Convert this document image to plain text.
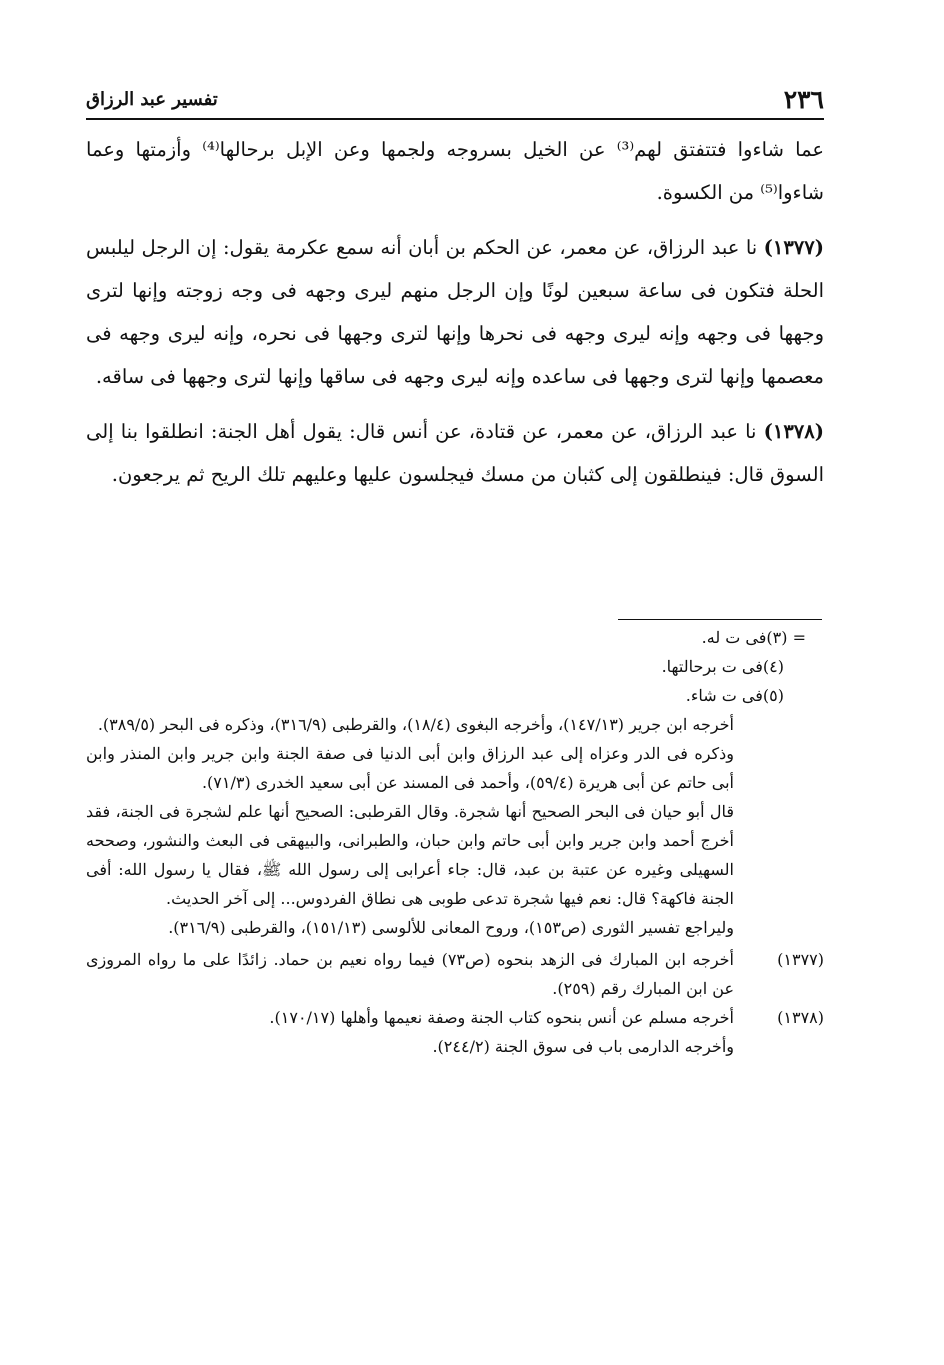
٢٣٦
تفسير عبد الرزاق

عما شاءوا فتتفتق لهم⁽³⁾ عن الخيل بسروجه ولجمها وعن الإبل برحالها⁽⁴⁾ وأزمتها وعما شاءوا⁽⁵⁾ من الكسوة.

(١٣٧٧) نا عبد الرزاق، عن معمر، عن الحكم بن أبان أنه سمع عكرمة يقول: إن الرجل ليلبس الحلة فتكون فى ساعة سبعين لونًا وإن الرجل منهم ليرى وجهه فى وجه زوجته وإنها لترى وجهها فى وجهه وإنه ليرى وجهه فى نحرها وإنها لترى وجهها فى نحره، وإنه ليرى وجهه فى معصمها وإنها لترى وجهها فى ساعده وإنه ليرى وجهه فى ساقها وإنها لترى وجهها فى ساقه.

(١٣٧٨) نا عبد الرزاق، عن معمر، عن قتادة، عن أنس قال: يقول أهل الجنة: انطلقوا بنا إلى السوق قال: فينطلقون إلى كثبان من مسك فيجلسون عليها وعليهم تلك الريح ثم يرجعون.

= (٣)
فى ت له.
(٤)
فى ت برحالتها.
(٥)
فى ت شاء.
أخرجه ابن جرير (١٤٧/١٣)، وأخرجه البغوى (١٨/٤)، والقرطبى (٣١٦/٩)، وذكره فى البحر (٣٨٩/٥).
وذكره فى الدر وعزاه إلى عبد الرزاق وابن أبى الدنيا فى صفة الجنة وابن جرير وابن المنذر وابن أبى حاتم عن أبى هريرة (٥٩/٤)، وأحمد فى المسند عن أبى سعيد الخدرى (٧١/٣).
قال أبو حيان فى البحر الصحيح أنها شجرة. وقال القرطبى: الصحيح أنها علم لشجرة فى الجنة، فقد أخرج أحمد وابن جرير وابن أبى حاتم وابن حبان، والطبرانى، والبيهقى فى البعث والنشور، وصححه السهيلى وغيره عن عتبة بن عبد، قال: جاء أعرابى إلى رسول الله ﷺ، فقال يا رسول الله: أفى الجنة فاكهة؟ قال: نعم فيها شجرة تدعى طوبى هى نطاق الفردوس... إلى آخر الحديث.
وليراجع تفسير الثورى (ص١٥٣)، وروح المعانى للألوسى (١٥١/١٣)، والقرطبى (٣١٦/٩).
(١٣٧٧)
أخرجه ابن المبارك فى الزهد بنحوه (ص٧٣) فيما رواه نعيم بن حماد. زائدًا على ما رواه المروزى عن ابن المبارك رقم (٢٥٩).
(١٣٧٨)
أخرجه مسلم عن أنس بنحوه كتاب الجنة وصفة نعيمها وأهلها (١٧٠/١٧).
وأخرجه الدارمى باب فى سوق الجنة (٢٤٤/٢).
